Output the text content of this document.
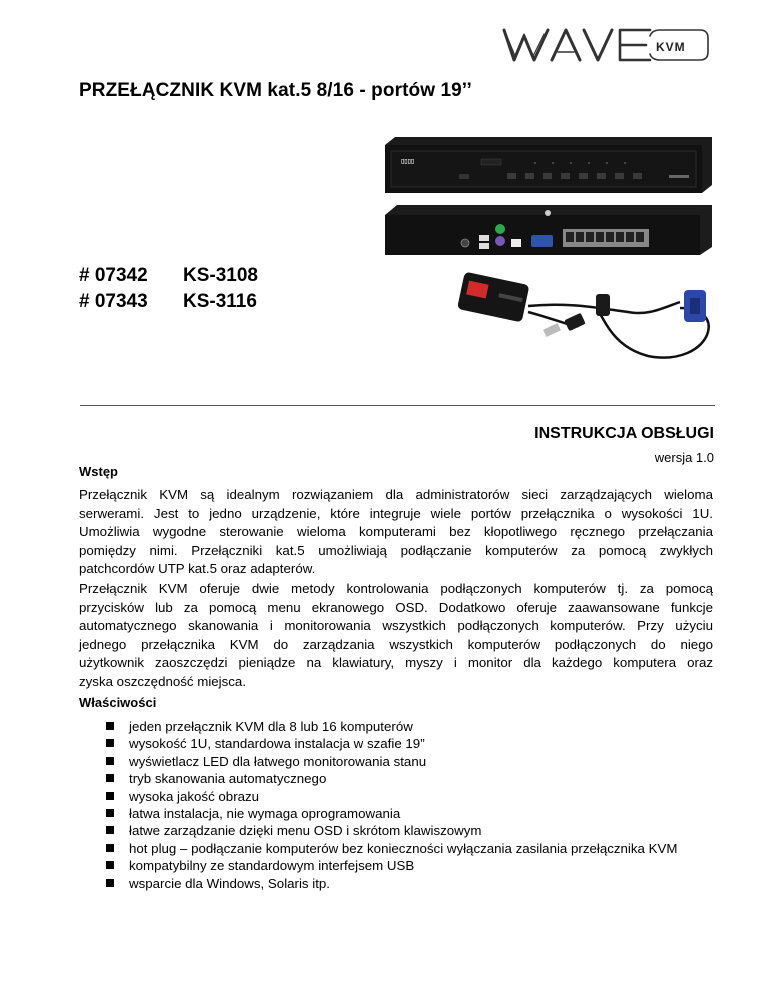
KVM
PRZEŁĄCZNIK KVM kat.5 8/16 - portów 19’’
# 07342 KS-3108
# 07343 KS-3116
▯▯▯▯
INSTRUKCJA OBSŁUGI
wersja 1.0
Wstęp
Przełącznik KVM są idealnym rozwiązaniem dla administratorów sieci zarządzających wieloma
serwerami. Jest to jedno urządzenie, które integruje wiele portów przełącznika o wysokości 1U.
Umożliwia wygodne sterowanie wieloma komputerami bez kłopotliwego ręcznego przełączania
pomiędzy nimi. Przełączniki kat.5 umożliwiają podłączanie komputerów za pomocą zwykłych
patchcordów UTP kat.5 oraz adapterów.
Przełącznik KVM oferuje dwie metody kontrolowania podłączonych komputerów tj. za pomocą
przycisków lub za pomocą menu ekranowego OSD. Dodatkowo oferuje zaawansowane funkcje
automatycznego skanowania i monitorowania wszystkich podłączonych komputerów. Przy użyciu
jednego przełącznika KVM do zarządzania wszystkich komputerów podłączonych do niego
użytkownik zaoszczędzi pieniądze na klawiatury, myszy i monitor dla każdego komputera oraz
zyska oszczędność miejsca.
Właściwości
jeden przełącznik KVM dla 8 lub 16 komputerów
wysokość 1U, standardowa instalacja w szafie 19”
wyświetlacz LED dla łatwego monitorowania stanu
tryb skanowania automatycznego
wysoka jakość obrazu
łatwa instalacja, nie wymaga oprogramowania
łatwe zarządzanie dzięki menu OSD i skrótom klawiszowym
hot plug – podłączanie komputerów bez konieczności wyłączania zasilania przełącznika KVM
kompatybilny ze standardowym interfejsem USB
wsparcie dla Windows, Solaris itp.
